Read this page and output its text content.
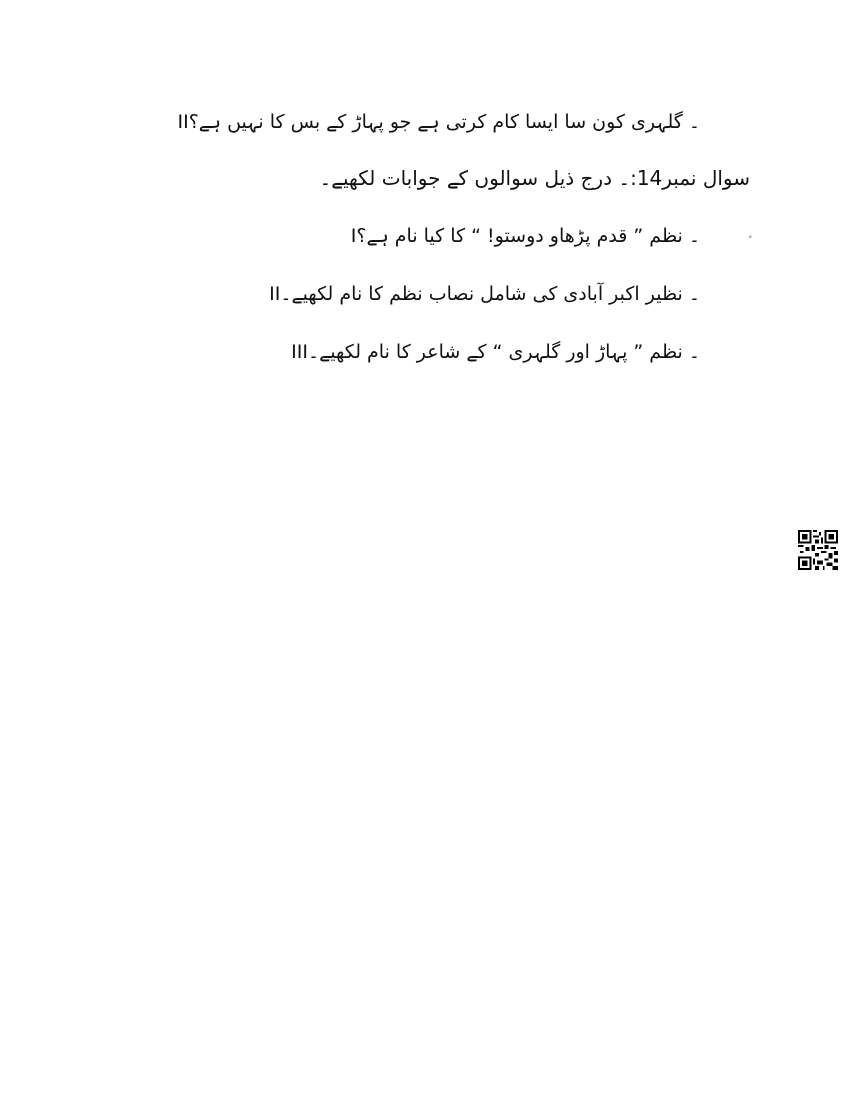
II۔ گلہری کون سا ایسا کام کرتی ہے جو پہاڑ کے بس کا نہیں ہے؟
سوال نمبر14:۔ درج ذیل سوالوں کے جوابات لکھیے۔
I۔ نظم ” قدم پڑھاو دوستو! “ کا کیا نام ہے؟
II۔ نظیر اکبر آبادی کی شامل نصاب نظم کا نام لکھیے۔
III۔ نظم ” پہاڑ اور گلہری “ کے شاعر کا نام لکھیے۔
